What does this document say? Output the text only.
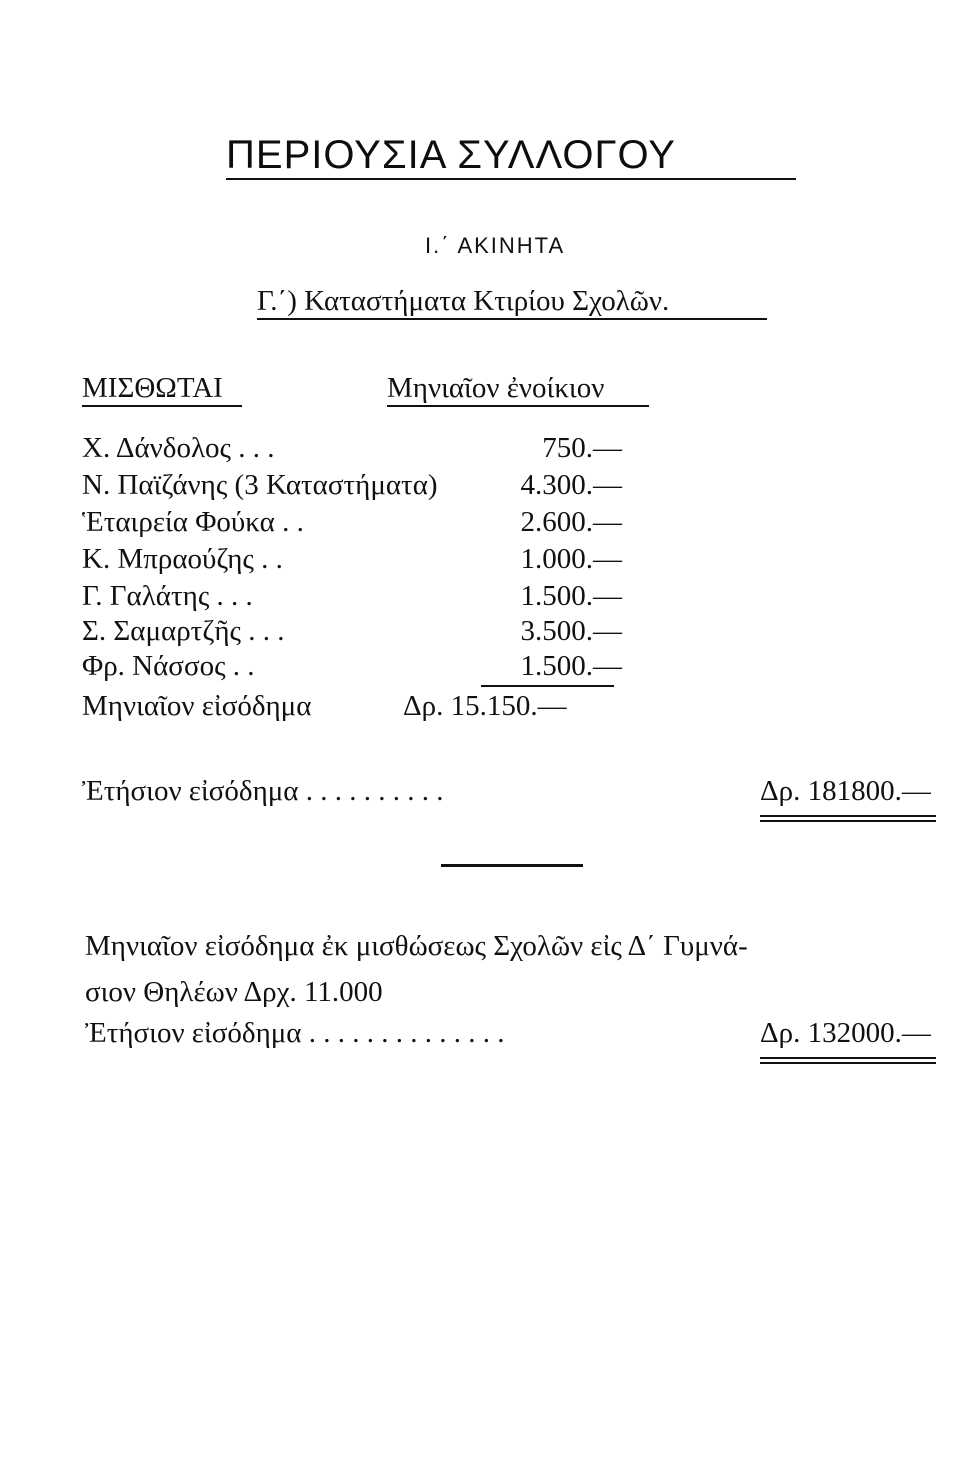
ΠΕΡΙΟΥΣΙΑ ΣΥΛΛΟΓΟΥ
Ι.΄ ΑΚΙΝΗΤΑ
Γ.΄) Καταστήματα Κτιρίου Σχολῶν.
ΜΙΣΘΩΤΑΙ	Μηνιαῖον ἐνοίκιον
Χ. Δάνδολος . . .	750.—
Ν. Παϊζάνης (3 Καταστήματα)	4.300.—
Ἑταιρεία Φούκα . .	2.600.—
Κ. Μπραούζης . .	1.000.—
Γ. Γαλάτης . . .	1.500.—
Σ. Σαμαρτζῆς . . .	3.500.—
Φρ. Νάσσος . .	1.500.—
Μηνιαῖον εἰσόδημα	Δρ. 15.150.—
Ἐτήσιον εἰσόδημα . . . . . . . . . .	Δρ. 181800.—
Μηνιαῖον εἰσόδημα ἐκ μισθώσεως Σχολῶν εἰς Δ΄ Γυμνά-
σιον Θηλέων Δρχ. 11.000
Ἐτήσιον εἰσόδημα . . . . . . . . . . . . . .	Δρ. 132000.—
